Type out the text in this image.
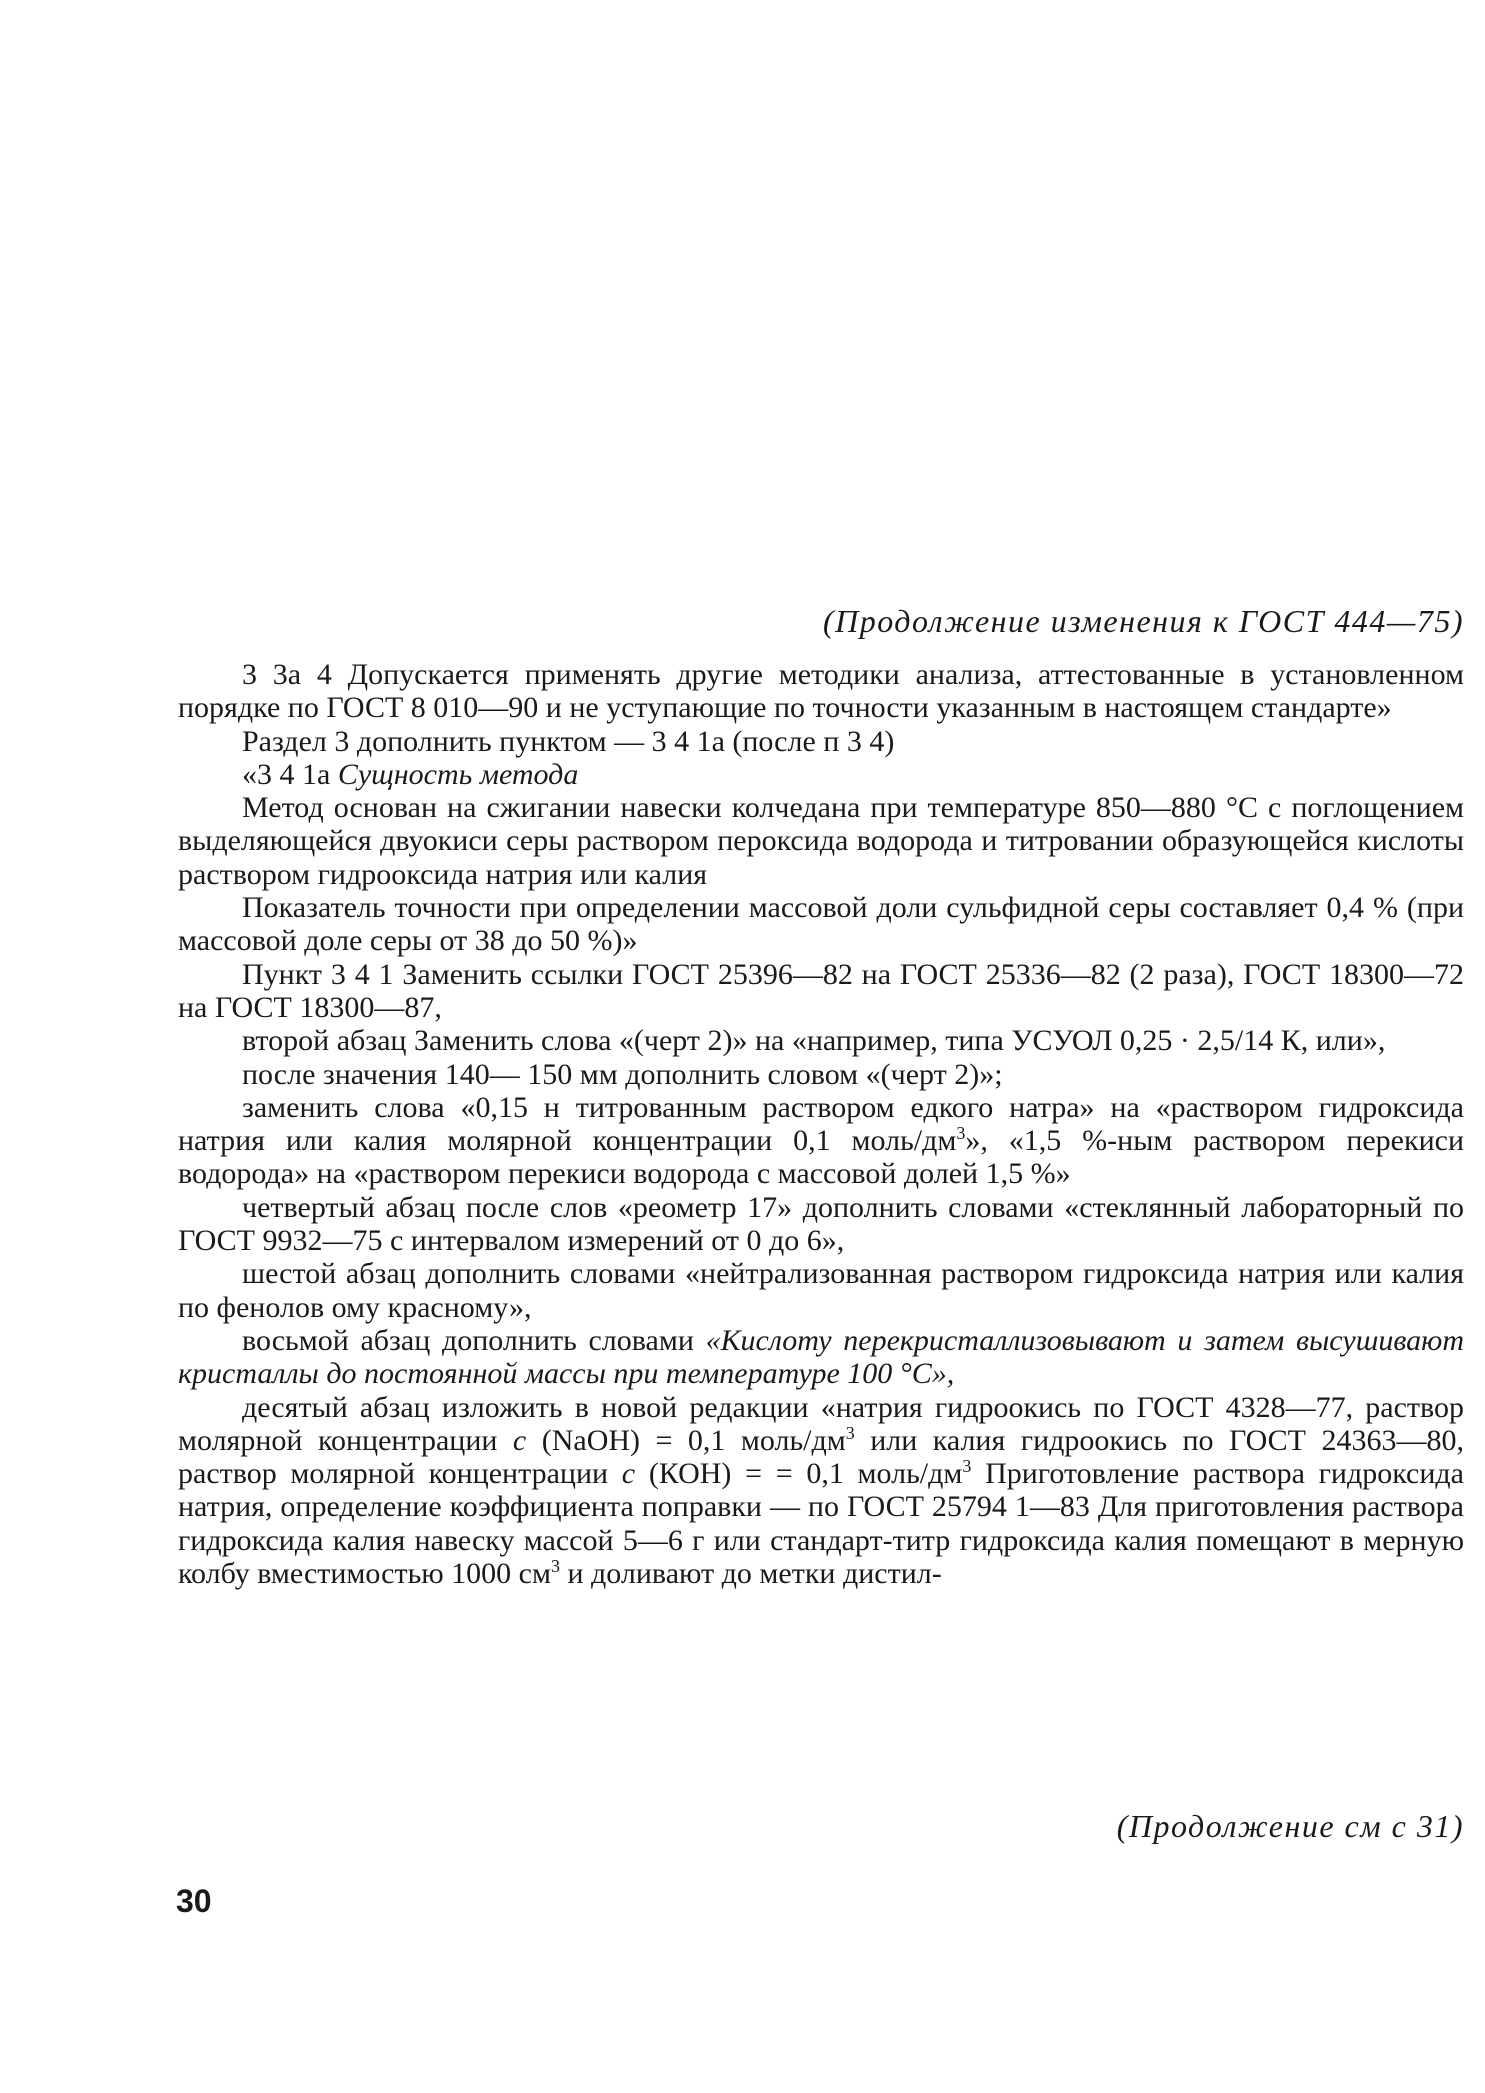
(Продолжение изменения к ГОСТ 444—75)

3 3а 4 Допускается применять другие методики анализа, аттестованные в установленном порядке по ГОСТ 8 010—90 и не уступающие по точности указанным в настоящем стандарте»

Раздел 3 дополнить пунктом — 3 4 1а (после п 3 4)

«3 4 1а Сущность метода

Метод основан на сжигании навески колчедана при температуре 850—880 °С с поглощением выделяющейся двуокиси серы раствором пероксида водорода и титровании образующейся кислоты раствором гидрооксида натрия или калия

Показатель точности при определении массовой доли сульфидной серы составляет 0,4 % (при массовой доле серы от 38 до 50 %)»

Пункт 3 4 1 Заменить ссылки ГОСТ 25396—82 на ГОСТ 25336—82 (2 раза), ГОСТ 18300—72 на ГОСТ 18300—87,

второй абзац Заменить слова «(черт 2)» на «например, типа УСУОЛ 0,25 · 2,5/14 К, или»,

после значения 140— 150 мм дополнить словом «(черт 2)»;

заменить слова «0,15 н титрованным раствором едкого натра» на «раствором гидроксида натрия или калия молярной концентрации 0,1 моль/$дм^3$», «1,5 %-ным раствором перекиси водорода» на «раствором перекиси водорода с массовой долей 1,5 %»

четвертый абзац после слов «реометр 17» дополнить словами «стеклянный лабораторный по ГОСТ 9932—75 с интервалом измерений от 0 до 6»,

шестой абзац дополнить словами «нейтрализованная раствором гидроксида натрия или калия по фенолов ому красному»,

восьмой абзац дополнить словами «Кислоту перекристаллизовывают и затем высушивают кристаллы до постоянной массы при температуре 100 °С»,

десятый абзац изложить в новой редакции «натрия гидроокись по ГОСТ 4328—77, раствор молярной концентрации c (NaOH) = 0,1 моль/$дм^3$ или калия гидроокись по ГОСТ 24363—80, раствор молярной концентрации c (КОН) = = 0,1 моль/$дм^3$ Приготовление раствора гидроксида натрия, определение коэффициента поправки — по ГОСТ 25794 1—83 Для приготовления раствора гидроксида калия навеску массой 5—6 г или стандарт-титр гидроксида калия помещают в мерную колбу вместимостью 1000 $см^3$ и доливают до метки дистил-

(Продолжение см с 31)
30
